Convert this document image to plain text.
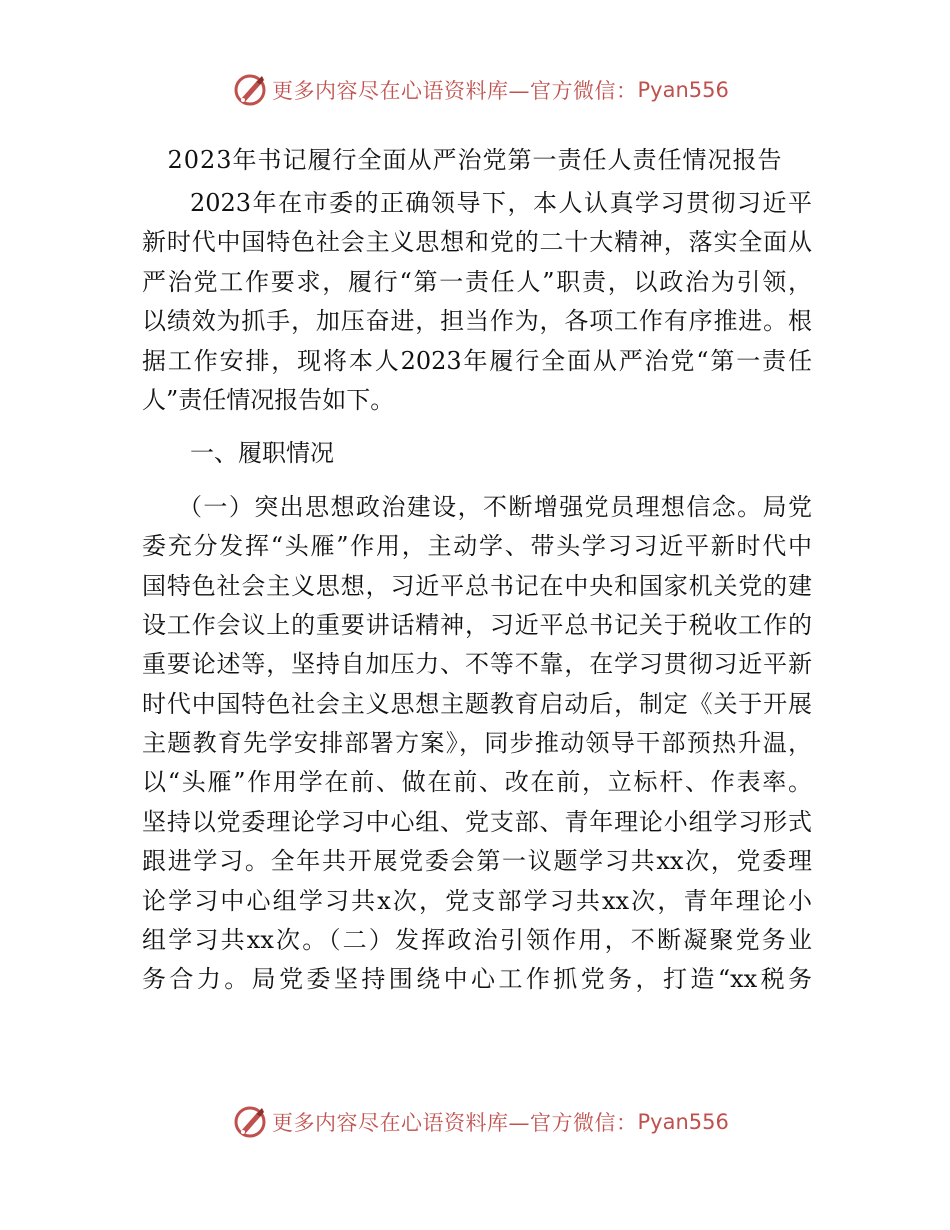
更多内容尽在心语资料库—官方微信： Pyan556
2023年书记履行全面从严治党第一责任人责任情况报告
2023年在市委的正确领导下，本人认真学习贯彻习近平
新时代中国特色社会主义思想和党的二十大精神，落实全面从
严治党工作要求，履行“第一责任人”职责，以政治为引领，
以绩效为抓手，加压奋进，担当作为，各项工作有序推进。根
据工作安排，现将本人2023年履行全面从严治党“第一责任
人”责任情况报告如下。
一、履职情况
（一）突出思想政治建设，不断增强党员理想信念。局党
委充分发挥“头雁”作用，主动学、带头学习习近平新时代中
国特色社会主义思想，习近平总书记在中央和国家机关党的建
设工作会议上的重要讲话精神，习近平总书记关于税收工作的
重要论述等，坚持自加压力、不等不靠，在学习贯彻习近平新
时代中国特色社会主义思想主题教育启动后，制定《关于开展
主题教育先学安排部署方案》，同步推动领导干部预热升温，
以“头雁”作用学在前、做在前、改在前，立标杆、作表率。
坚持以党委理论学习中心组、党支部、青年理论小组学习形式
跟进学习。全年共开展党委会第一议题学习共xx次，党委理
论学习中心组学习共x次，党支部学习共xx次，青年理论小
组学习共xx次。（二）发挥政治引领作用，不断凝聚党务业
务合力。局党委坚持围绕中心工作抓党务，打造“xx税务
更多内容尽在心语资料库—官方微信： Pyan556
